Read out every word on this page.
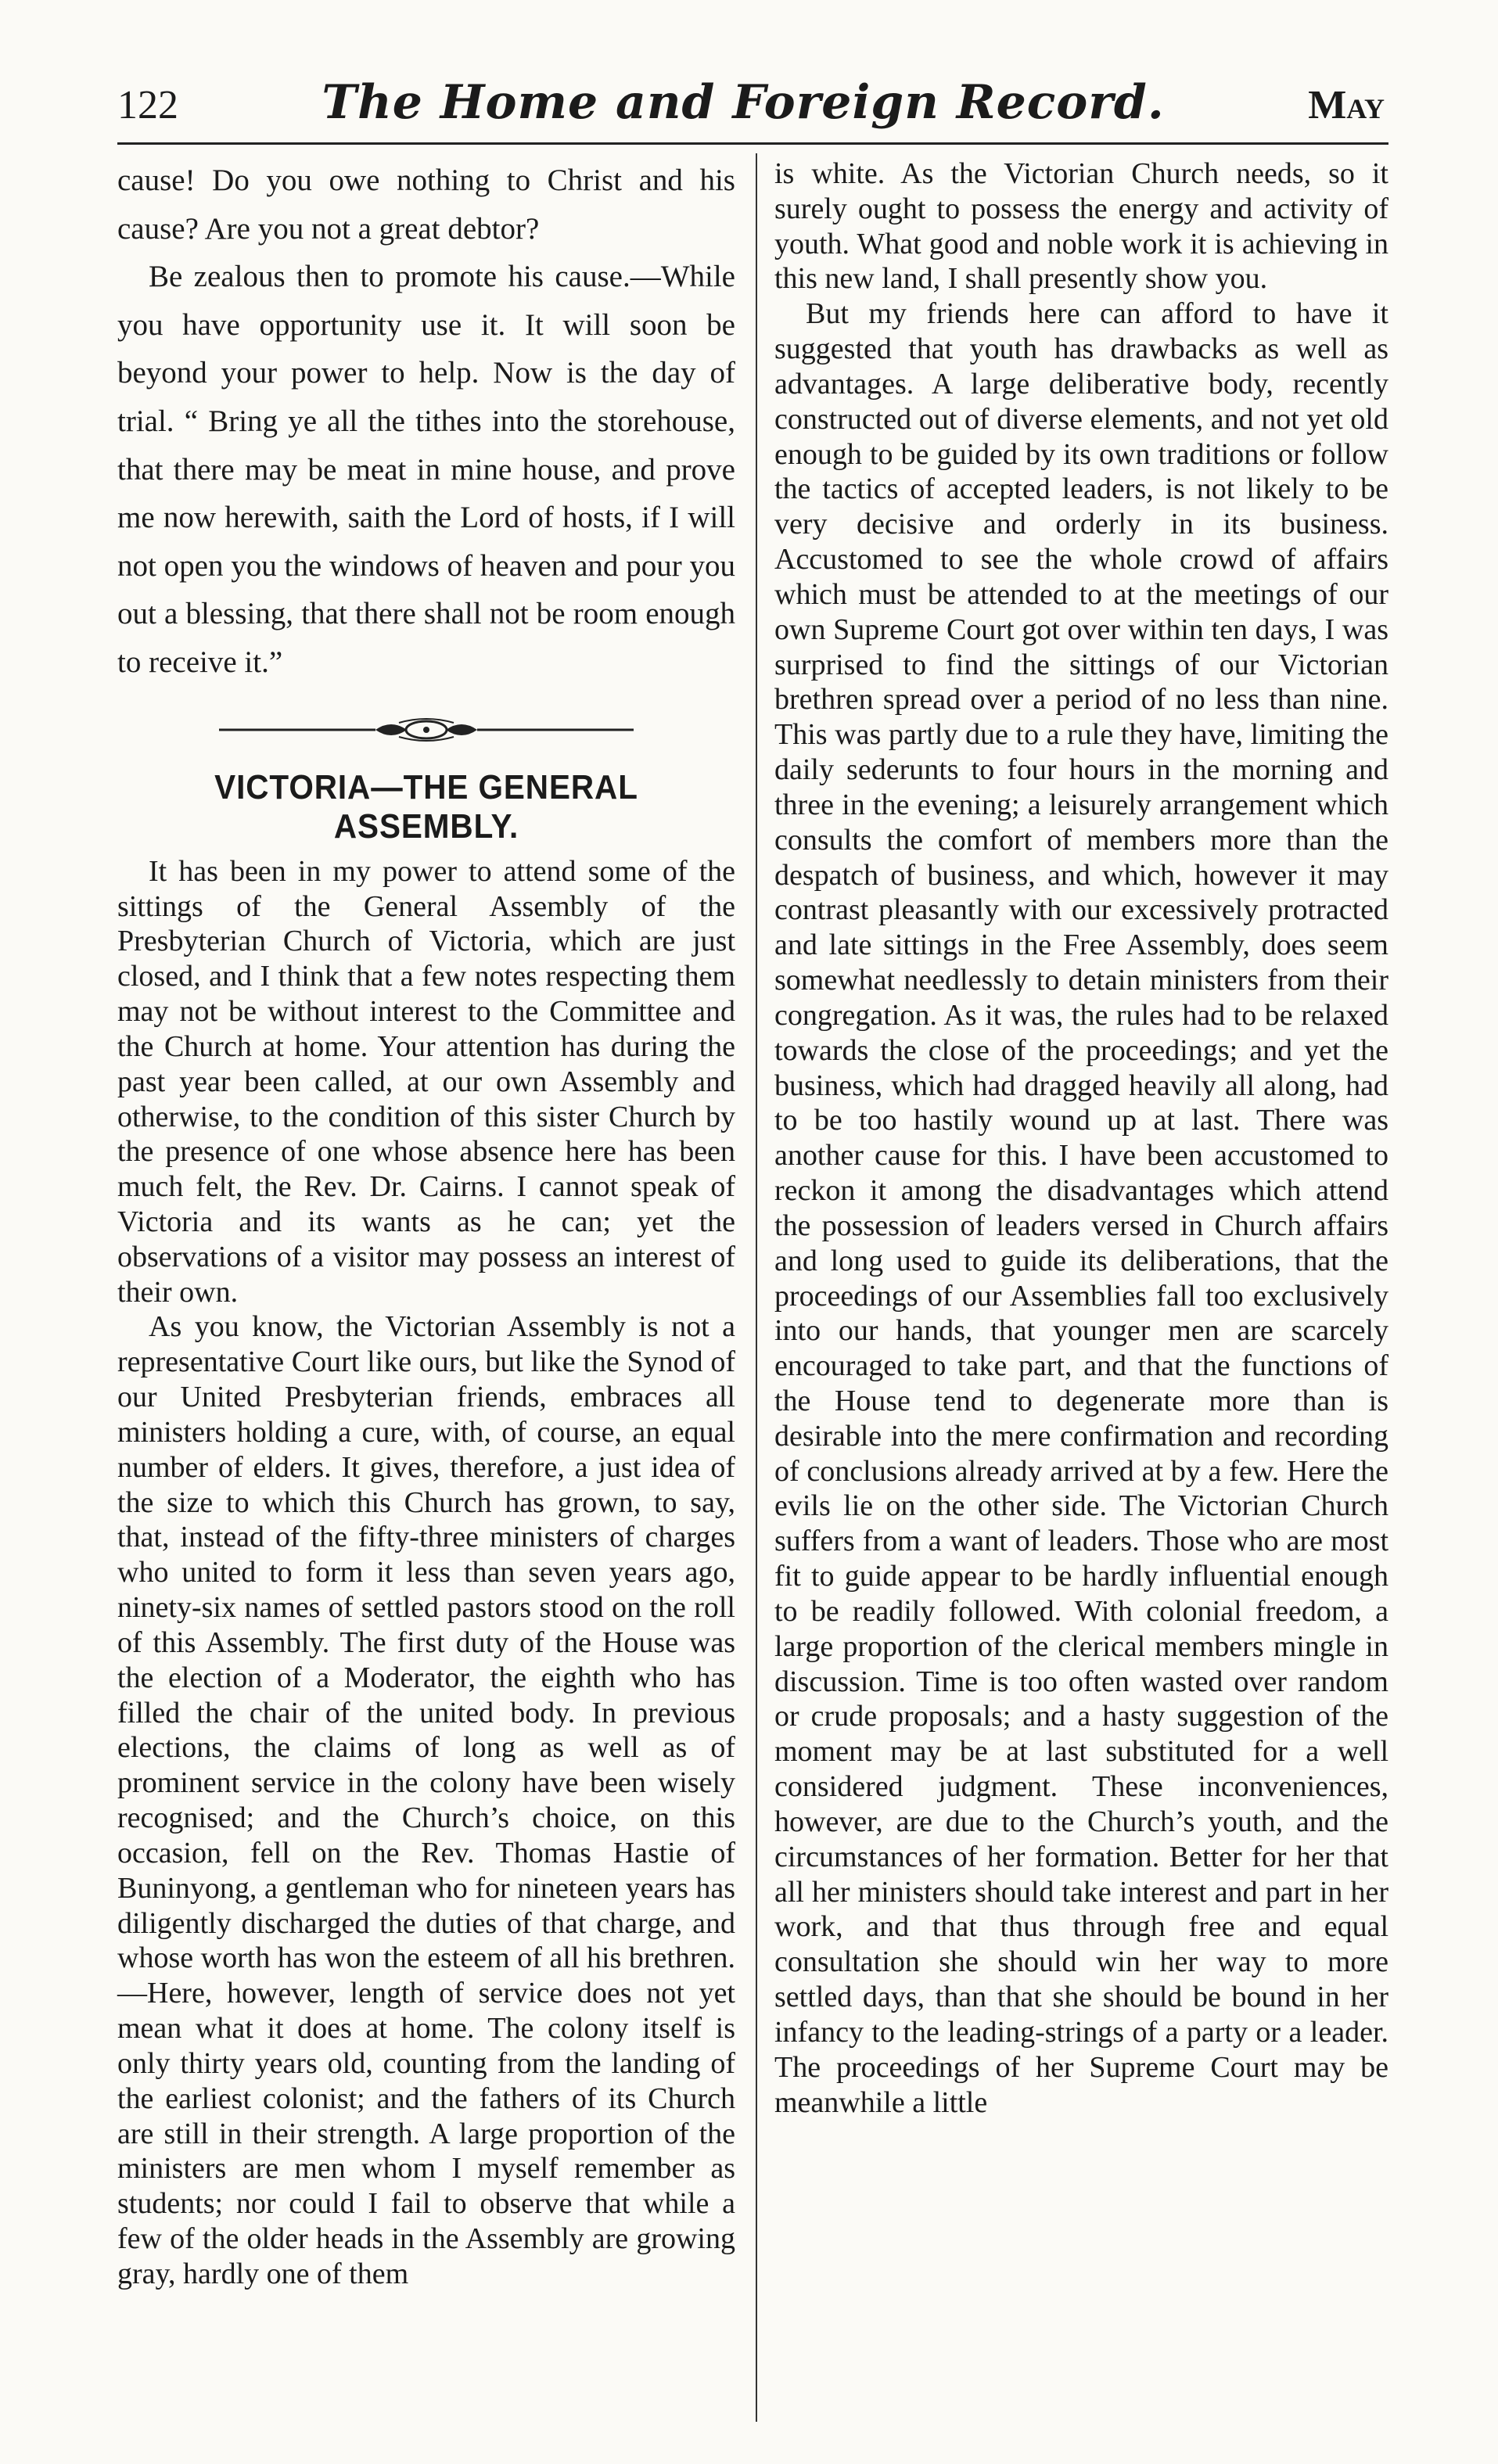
122	The Home and Foreign Record.	May

cause! Do you owe nothing to Christ and his cause? Are you not a great debtor?

Be zealous then to promote his cause.—While you have opportunity use it. It will soon be beyond your power to help. Now is the day of trial. “ Bring ye all the tithes into the storehouse, that there may be meat in mine house, and prove me now herewith, saith the Lord of hosts, if I will not open you the windows of heaven and pour you out a blessing, that there shall not be room enough to receive it.”

VICTORIA—THE GENERAL ASSEMBLY.

It has been in my power to attend some of the sittings of the General Assembly of the Presbyterian Church of Victoria, which are just closed, and I think that a few notes respecting them may not be without interest to the Committee and the Church at home. Your attention has during the past year been called, at our own Assembly and otherwise, to the condition of this sister Church by the presence of one whose absence here has been much felt, the Rev. Dr. Cairns. I cannot speak of Victoria and its wants as he can; yet the observations of a visitor may possess an interest of their own.

As you know, the Victorian Assembly is not a representative Court like ours, but like the Synod of our United Presbyterian friends, embraces all ministers holding a cure, with, of course, an equal number of elders. It gives, therefore, a just idea of the size to which this Church has grown, to say, that, instead of the fifty-three ministers of charges who united to form it less than seven years ago, ninety-six names of settled pastors stood on the roll of this Assembly. The first duty of the House was the election of a Moderator, the eighth who has filled the chair of the united body. In previous elections, the claims of long as well as of prominent service in the colony have been wisely recognised; and the Church’s choice, on this occasion, fell on the Rev. Thomas Hastie of Buninyong, a gentleman who for nineteen years has diligently discharged the duties of that charge, and whose worth has won the esteem of all his brethren.—Here, however, length of service does not yet mean what it does at home. The colony itself is only thirty years old, counting from the landing of the earliest colonist; and the fathers of its Church are still in their strength. A large proportion of the ministers are men whom I myself remember as students; nor could I fail to observe that while a few of the older heads in the Assembly are growing gray, hardly one of them

is white. As the Victorian Church needs, so it surely ought to possess the energy and activity of youth. What good and noble work it is achieving in this new land, I shall presently show you.

But my friends here can afford to have it suggested that youth has drawbacks as well as advantages. A large deliberative body, recently constructed out of diverse elements, and not yet old enough to be guided by its own traditions or follow the tactics of accepted leaders, is not likely to be very decisive and orderly in its business. Accustomed to see the whole crowd of affairs which must be attended to at the meetings of our own Supreme Court got over within ten days, I was surprised to find the sittings of our Victorian brethren spread over a period of no less than nine. This was partly due to a rule they have, limiting the daily sederunts to four hours in the morning and three in the evening; a leisurely arrangement which consults the comfort of members more than the despatch of business, and which, however it may contrast pleasantly with our excessively protracted and late sittings in the Free Assembly, does seem somewhat needlessly to detain ministers from their congregation. As it was, the rules had to be relaxed towards the close of the proceedings; and yet the business, which had dragged heavily all along, had to be too hastily wound up at last. There was another cause for this. I have been accustomed to reckon it among the disadvantages which attend the possession of leaders versed in Church affairs and long used to guide its deliberations, that the proceedings of our Assemblies fall too exclusively into our hands, that younger men are scarcely encouraged to take part, and that the functions of the House tend to degenerate more than is desirable into the mere confirmation and recording of conclusions already arrived at by a few. Here the evils lie on the other side. The Victorian Church suffers from a want of leaders. Those who are most fit to guide appear to be hardly influential enough to be readily followed. With colonial freedom, a large proportion of the clerical members mingle in discussion. Time is too often wasted over random or crude proposals; and a hasty suggestion of the moment may be at last substituted for a well considered judgment. These inconveniences, however, are due to the Church’s youth, and the circumstances of her formation. Better for her that all her ministers should take interest and part in her work, and that thus through free and equal consultation she should win her way to more settled days, than that she should be bound in her infancy to the leading-strings of a party or a leader. The proceedings of her Supreme Court may be meanwhile a little
